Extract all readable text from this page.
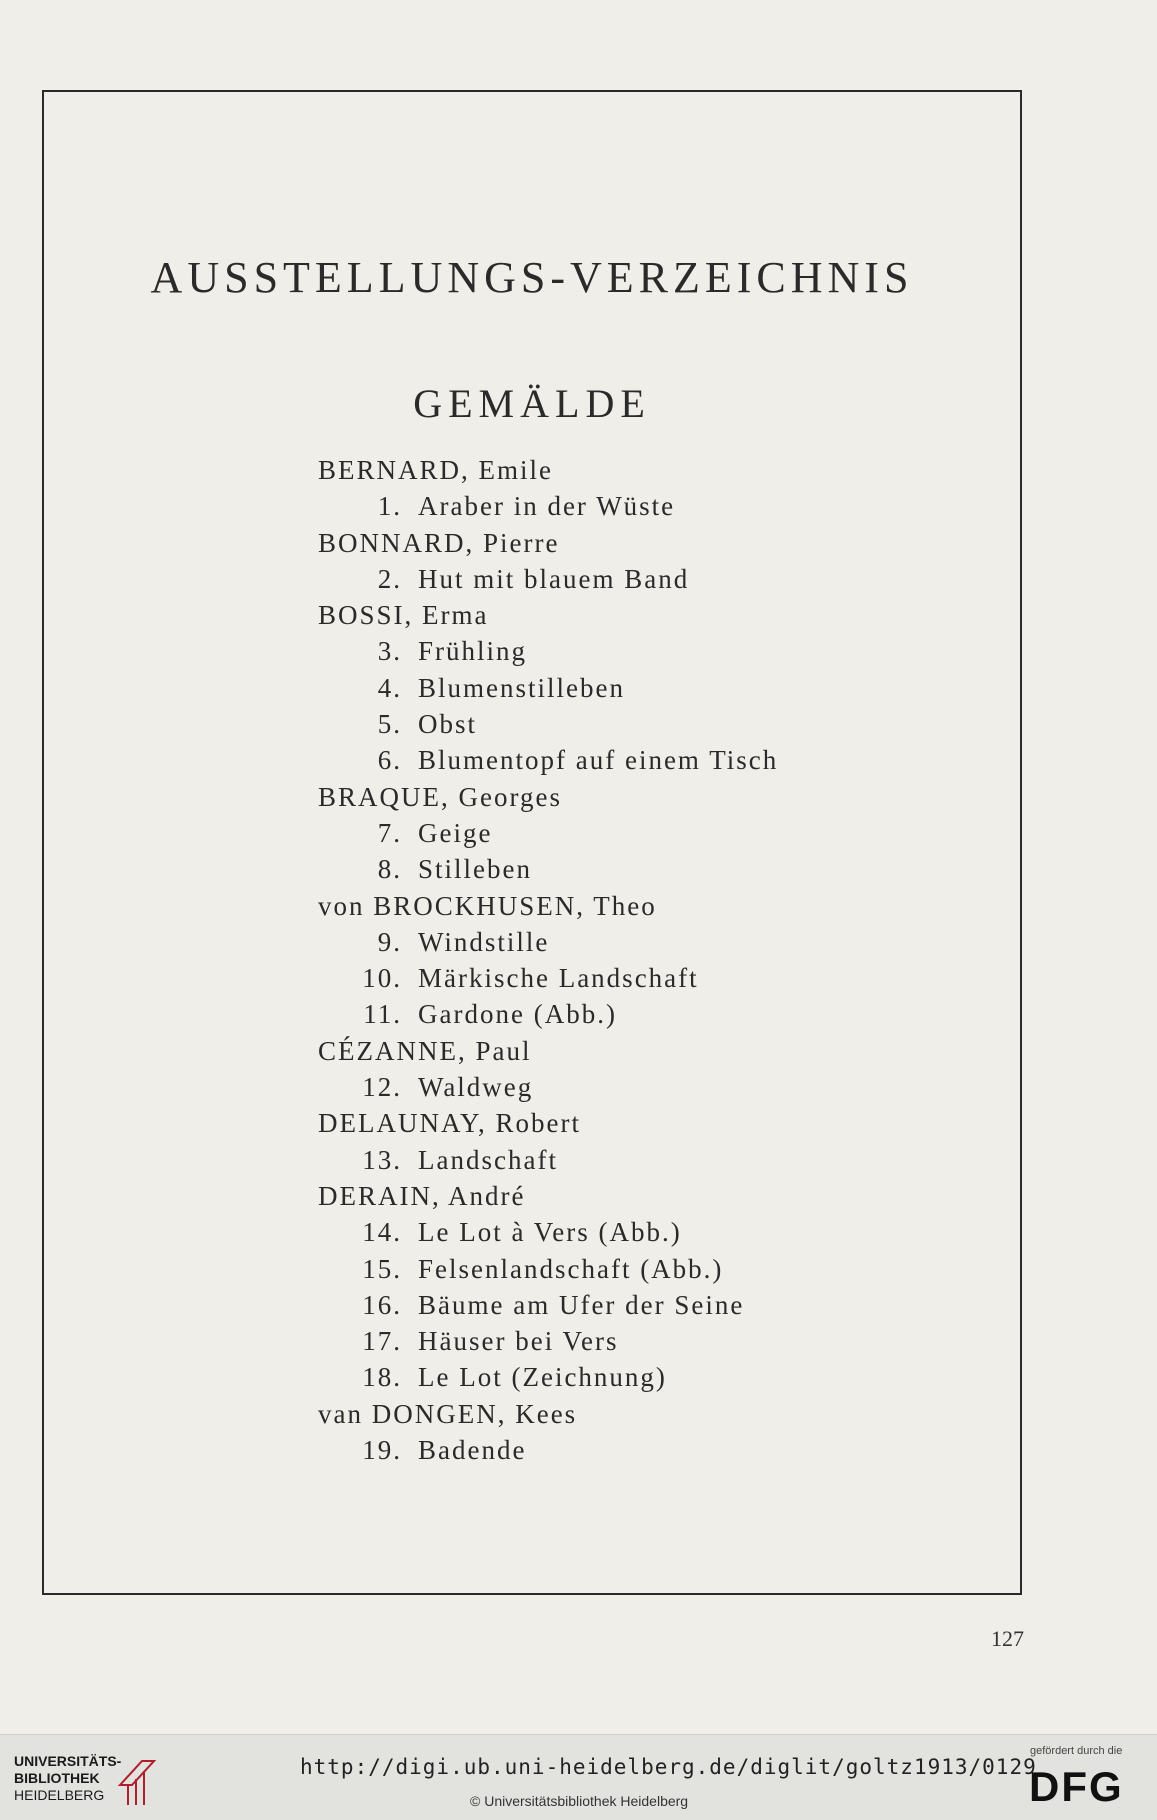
AUSSTELLUNGS-VERZEICHNIS
GEMÄLDE
BERNARD, Emile
1. Araber in der Wüste
BONNARD, Pierre
2. Hut mit blauem Band
BOSSI, Erma
3. Frühling
4. Blumenstilleben
5. Obst
6. Blumentopf auf einem Tisch
BRAQUE, Georges
7. Geige
8. Stilleben
von BROCKHUSEN, Theo
9. Windstille
10. Märkische Landschaft
11. Gardone (Abb.)
CÉZANNE, Paul
12. Waldweg
DELAUNAY, Robert
13. Landschaft
DERAIN, André
14. Le Lot à Vers (Abb.)
15. Felsenlandschaft (Abb.)
16. Bäume am Ufer der Seine
17. Häuser bei Vers
18. Le Lot (Zeichnung)
van DONGEN, Kees
19. Badende
127
UNIVERSITÄTS-
BIBLIOTHEK
HEIDELBERG
http://digi.ub.uni-heidelberg.de/diglit/goltz1913/0129
© Universitätsbibliothek Heidelberg
gefördert durch die
DFG
